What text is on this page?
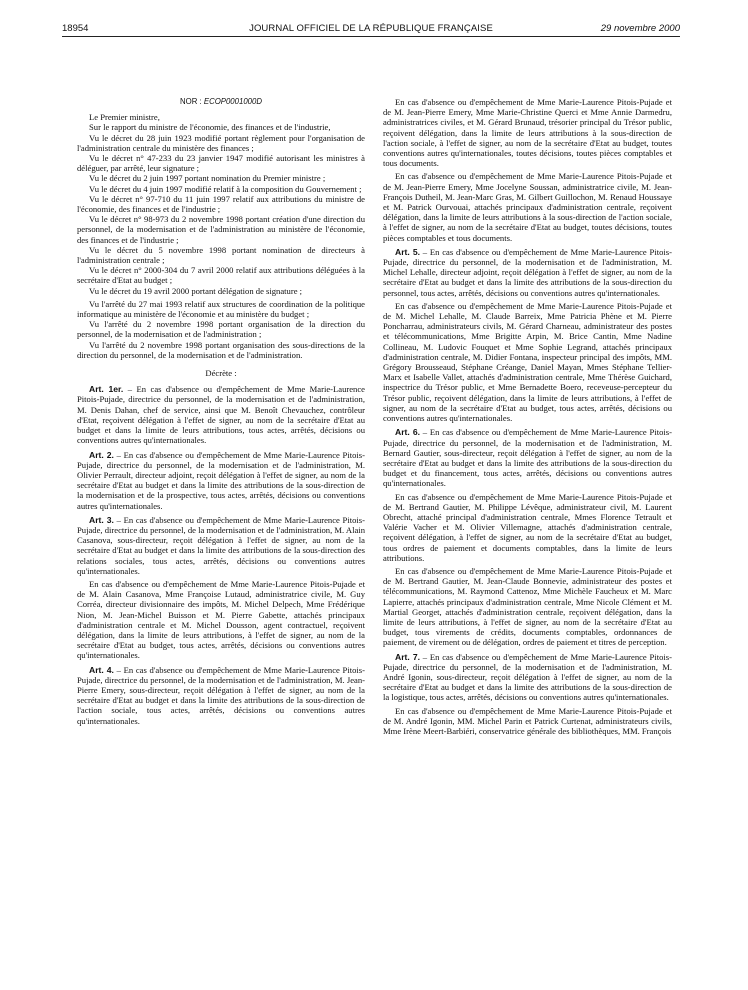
18954	JOURNAL OFFICIEL DE LA RÉPUBLIQUE FRANÇAISE	29 novembre 2000

NOR : ECOP0001000D

Le Premier ministre,

Sur le rapport du ministre de l'économie, des finances et de l'industrie,

Vu le décret du 28 juin 1923 modifié portant règlement pour l'organisation de l'administration centrale du ministère des finances ;

Vu le décret n° 47-233 du 23 janvier 1947 modifié autorisant les ministres à déléguer, par arrêté, leur signature ;

Vu le décret du 2 juin 1997 portant nomination du Premier ministre ;

Vu le décret du 4 juin 1997 modifié relatif à la composition du Gouvernement ;

Vu le décret n° 97-710 du 11 juin 1997 relatif aux attributions du ministre de l'économie, des finances et de l'industrie ;

Vu le décret n° 98-973 du 2 novembre 1998 portant création d'une direction du personnel, de la modernisation et de l'administration au ministère de l'économie, des finances et de l'industrie ;

Vu le décret du 5 novembre 1998 portant nomination de directeurs à l'administration centrale ;

Vu le décret n° 2000-304 du 7 avril 2000 relatif aux attributions déléguées à la secrétaire d'Etat au budget ;

Vu le décret du 19 avril 2000 portant délégation de signature ;

Vu l'arrêté du 27 mai 1993 relatif aux structures de coordination de la politique informatique au ministère de l'économie et au ministère du budget ;

Vu l'arrêté du 2 novembre 1998 portant organisation de la direction du personnel, de la modernisation et de l'administration ;

Vu l'arrêté du 2 novembre 1998 portant organisation des sous-directions de la direction du personnel, de la modernisation et de l'administration.

Décrète :

Art. 1er. – En cas d'absence ou d'empêchement de Mme Marie-Laurence Pitois-Pujade, directrice du personnel, de la modernisation et de l'administration, M. Denis Dahan, chef de service, ainsi que M. Benoît Chevauchez, contrôleur d'Etat, reçoivent délégation à l'effet de signer, au nom de la secrétaire d'Etat au budget et dans la limite de leurs attributions, tous actes, arrêtés, décisions ou conventions autres qu'internationales.

Art. 2. – En cas d'absence ou d'empêchement de Mme Marie-Laurence Pitois-Pujade, directrice du personnel, de la modernisation et de l'administration, M. Olivier Perrault, directeur adjoint, reçoit délégation à l'effet de signer, au nom de la secrétaire d'Etat au budget et dans la limite des attributions de la sous-direction de la modernisation et de la prospective, tous actes, arrêtés, décisions ou conventions autres qu'internationales.

Art. 3. – En cas d'absence ou d'empêchement de Mme Marie-Laurence Pitois-Pujade, directrice du personnel, de la modernisation et de l'administration, M. Alain Casanova, sous-directeur, reçoit délégation à l'effet de signer, au nom de la secrétaire d'Etat au budget et dans la limite des attributions de la sous-direction des relations sociales, tous actes, arrêtés, décisions ou conventions autres qu'internationales.

En cas d'absence ou d'empêchement de Mme Marie-Laurence Pitois-Pujade et de M. Alain Casanova, Mme Françoise Lutaud, administratrice civile, M. Guy Corréa, directeur divisionnaire des impôts, M. Michel Delpech, Mme Frédérique Nion, M. Jean-Michel Buisson et M. Pierre Gabette, attachés principaux d'administration centrale et M. Michel Dousson, agent contractuel, reçoivent délégation, dans la limite de leurs attributions, à l'effet de signer, au nom de la secrétaire d'Etat au budget, tous actes, arrêtés, décisions ou conventions autres qu'internationales.

Art. 4. – En cas d'absence ou d'empêchement de Mme Marie-Laurence Pitois-Pujade, directrice du personnel, de la modernisation et de l'administration, M. Jean-Pierre Emery, sous-directeur, reçoit délégation à l'effet de signer, au nom de la secrétaire d'Etat au budget et dans la limite des attributions de la sous-direction de l'action sociale, tous actes, arrêtés, décisions ou conventions autres qu'internationales.

En cas d'absence ou d'empêchement de Mme Marie-Laurence Pitois-Pujade et de M. Jean-Pierre Emery, Mme Marie-Christine Querci et Mme Annie Darmedru, administratrices civiles, et M. Gérard Brunaud, trésorier principal du Trésor public, reçoivent délégation, dans la limite de leurs attributions à la sous-direction de l'action sociale, à l'effet de signer, au nom de la secrétaire d'Etat au budget, toutes conventions autres qu'internationales, toutes décisions, toutes pièces comptables et tous documents.

En cas d'absence ou d'empêchement de Mme Marie-Laurence Pitois-Pujade et de M. Jean-Pierre Emery, Mme Jocelyne Soussan, administratrice civile, M. Jean-François Dutheil, M. Jean-Marc Gras, M. Gilbert Guillochon, M. Renaud Houssaye et M. Patrick Ourvouai, attachés principaux d'administration centrale, reçoivent délégation, dans la limite de leurs attributions à la sous-direction de l'action sociale, à l'effet de signer, au nom de la secrétaire d'Etat au budget, toutes décisions, toutes pièces comptables et tous documents.

Art. 5. – En cas d'absence ou d'empêchement de Mme Marie-Laurence Pitois-Pujade, directrice du personnel, de la modernisation et de l'administration, M. Michel Lehalle, directeur adjoint, reçoit délégation à l'effet de signer, au nom de la secrétaire d'Etat au budget et dans la limite des attributions de la sous-direction du personnel, tous actes, arrêtés, décisions ou conventions autres qu'internationales.

En cas d'absence ou d'empêchement de Mme Marie-Laurence Pitois-Pujade et de M. Michel Lehalle, M. Claude Barreix, Mme Patricia Phène et M. Pierre Poncharrau, administrateurs civils, M. Gérard Charneau, administrateur des postes et télécommunications, Mme Brigitte Arpin, M. Brice Cantin, Mme Nadine Collineau, M. Ludovic Fouquet et Mme Sophie Legrand, attachés principaux d'administration centrale, M. Didier Fontana, inspecteur principal des impôts, MM. Grégory Brousseaud, Stéphane Créange, Daniel Mayan, Mmes Stéphane Tellier-Marx et Isabelle Vallet, attachés d'administration centrale, Mme Thérèse Guichard, inspectrice du Trésor public, et Mme Bernadette Boero, receveuse-percepteur du Trésor public, reçoivent délégation, dans la limite de leurs attributions, à l'effet de signer, au nom de la secrétaire d'Etat au budget, tous actes, arrêtés, décisions ou conventions autres qu'internationales.

Art. 6. – En cas d'absence ou d'empêchement de Mme Marie-Laurence Pitois-Pujade, directrice du personnel, de la modernisation et de l'administration, M. Bernard Gautier, sous-directeur, reçoit délégation à l'effet de signer, au nom de la secrétaire d'Etat au budget et dans la limite des attributions de la sous-direction du budget et du financement, tous actes, arrêtés, décisions ou conventions autres qu'internationales.

En cas d'absence ou d'empêchement de Mme Marie-Laurence Pitois-Pujade et de M. Bertrand Gautier, M. Philippe Lévêque, administrateur civil, M. Laurent Obrecht, attaché principal d'administration centrale, Mmes Florence Tetrault et Valérie Vacher et M. Olivier Villemagne, attachés d'administration centrale, reçoivent délégation, à l'effet de signer, au nom de la secrétaire d'Etat au budget, tous ordres de paiement et documents comptables, dans la limite de leurs attributions.

En cas d'absence ou d'empêchement de Mme Marie-Laurence Pitois-Pujade et de M. Bertrand Gautier, M. Jean-Claude Bonnevie, administrateur des postes et télécommunications, M. Raymond Cattenoz, Mme Michèle Faucheux et M. Marc Lapierre, attachés principaux d'administration centrale, Mme Nicole Clément et M. Martial Georget, attachés d'administration centrale, reçoivent délégation, dans la limite de leurs attributions, à l'effet de signer, au nom de la secrétaire d'Etat au budget, tous virements de crédits, documents comptables, ordonnances de paiement, de virement ou de délégation, ordres de paiement et titres de perception.

Art. 7. – En cas d'absence ou d'empêchement de Mme Marie-Laurence Pitois-Pujade, directrice du personnel, de la modernisation et de l'administration, M. André Igonin, sous-directeur, reçoit délégation à l'effet de signer, au nom de la secrétaire d'Etat au budget et dans la limite des attributions de la sous-direction de la logistique, tous actes, arrêtés, décisions ou conventions autres qu'internationales.

En cas d'absence ou d'empêchement de Mme Marie-Laurence Pitois-Pujade et de M. André Igonin, MM. Michel Parin et Patrick Curtenat, administrateurs civils, Mme Irène Meert-Barbiéri, conservatrice générale des bibliothèques, MM. François
